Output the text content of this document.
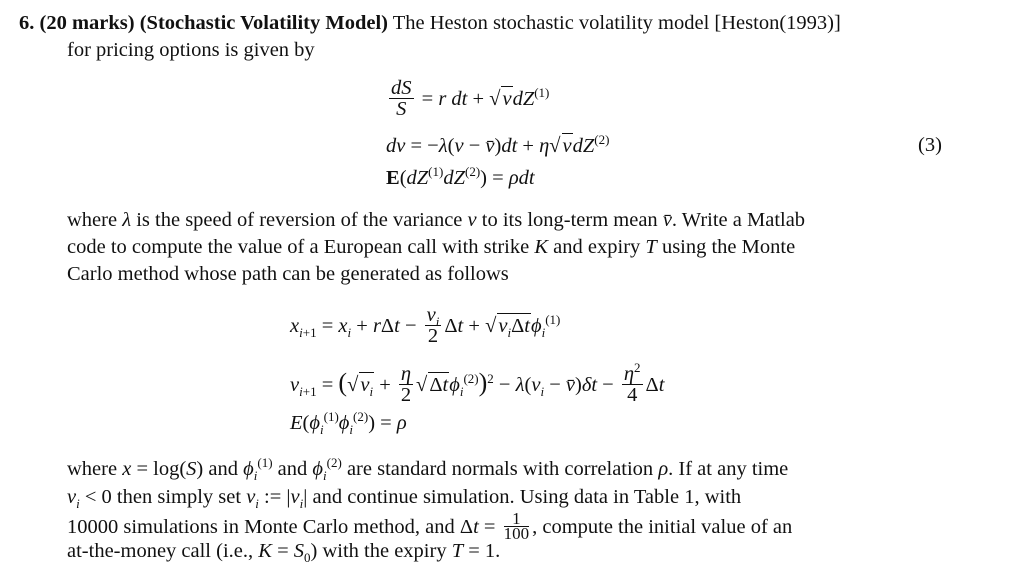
6. (20 marks) (Stochastic Volatility Model) The Heston stochastic volatility model [Heston(1993)]
for pricing options is given by
$\frac{dS}{S} = r$ dt + √vdZ$^{(1)}$
dv = −λ(v − v̄)dt + η√vdZ$^{(2)}$
$E(dZ^{(1)}dZ^{(2)}) = \rho dt$
(3)
where λ is the speed of reversion of the variance v to its long-term mean v̄. Write a Matlab
code to compute the value of a European call with strike K and expiry T using the Monte
Carlo method whose path can be generated as follows
$x_{i+1} = x_i + r\Delta t - \frac{v_i}{2}$ $\Delta t + √v_i\Delta t\phi_i^{(1)}$
$v_{i+1} = (√v_i + \frac{\eta}{2} √\Delta t\phi_i^{(2)})^2 - \lambda(v_i$ − v̄)δt − $\frac{\eta^2}{4}$ Δt
$E(\phi_i^{(1)}\phi_i^{(2)}) = \rho$
where x = log(S) and $\phi_i^{(1)}$ and $\phi_i^{(2)}$ are standard normals with correlation ρ. If at any time
$v_i < 0$ then simply set $v_i$ := $|v_i|$ and continue simulation. Using data in Table 1, with
10000 simulations in Monte Carlo method, and $\Delta t = \frac{1}{100}$ , compute the initial value of an
at-the-money call (i.e., $K = S_0$) with the expiry T = 1.
